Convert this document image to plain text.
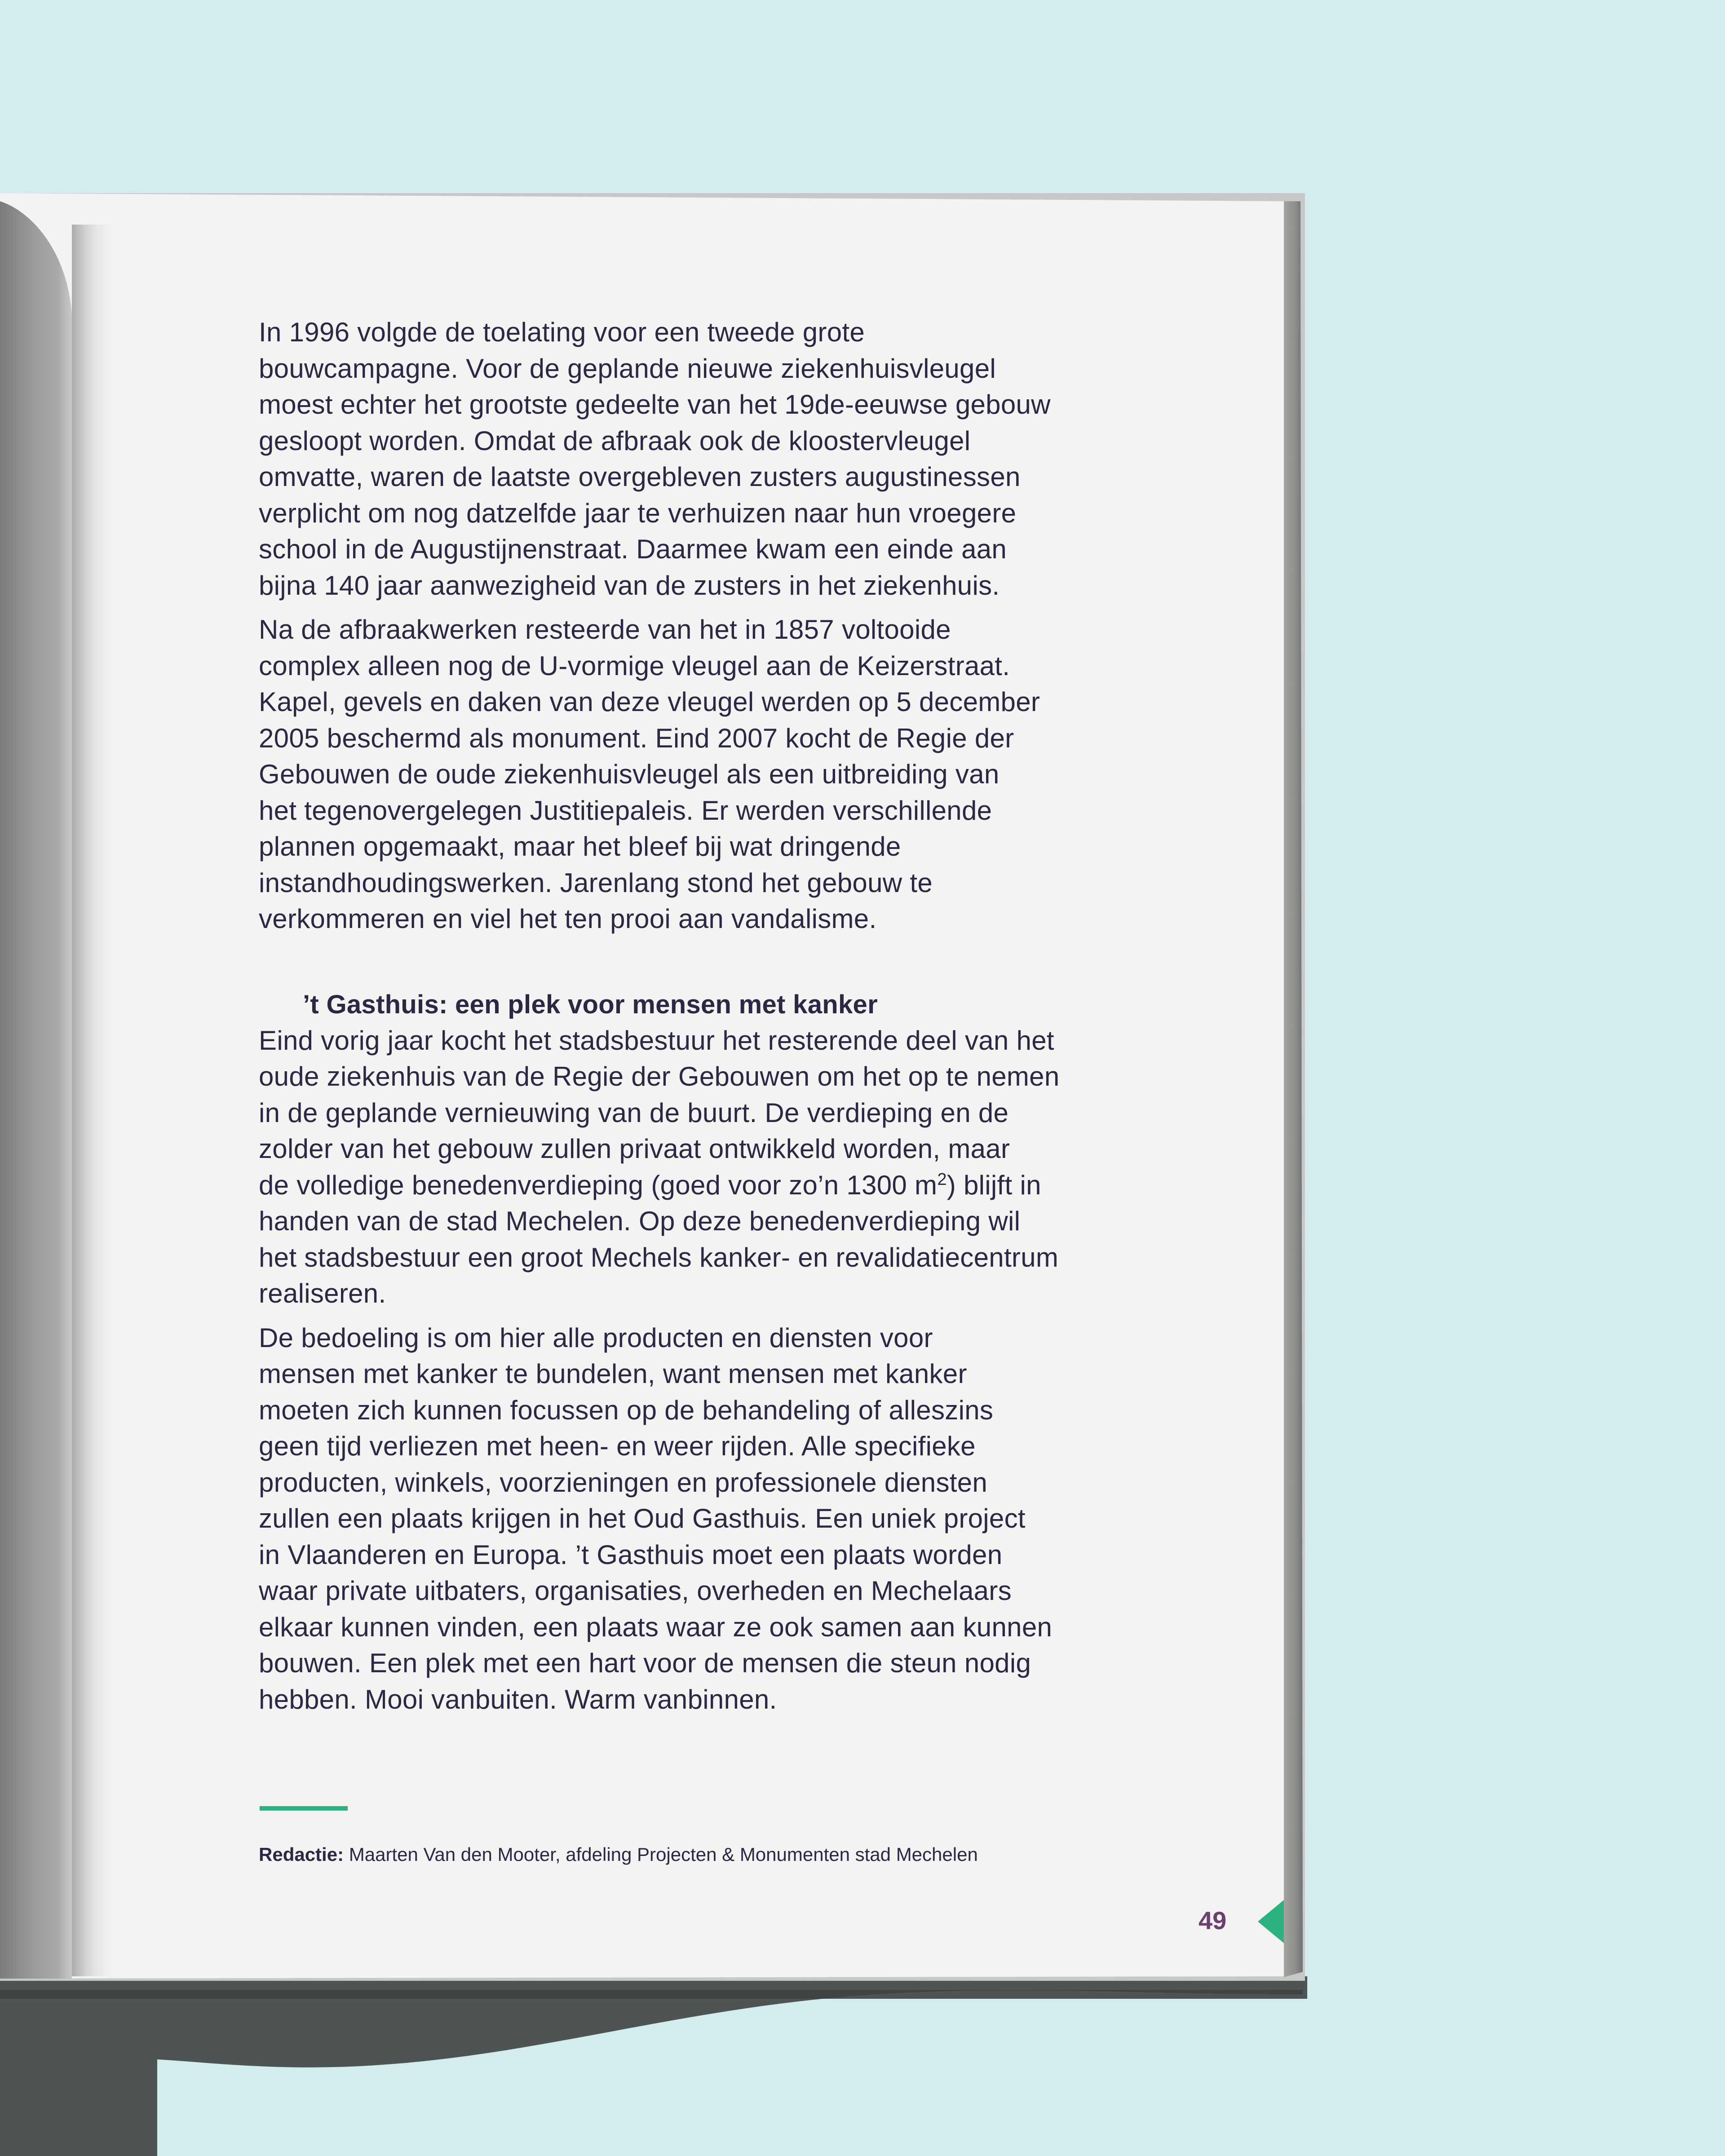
In 1996 volgde de toelating voor een tweede grote
bouwcampagne. Voor de geplande nieuwe ziekenhuisvleugel
moest echter het grootste gedeelte van het 19de-eeuwse gebouw
gesloopt worden. Omdat de afbraak ook de kloostervleugel
omvatte, waren de laatste overgebleven zusters augustinessen
verplicht om nog datzelfde jaar te verhuizen naar hun vroegere
school in de Augustijnenstraat. Daarmee kwam een einde aan
bijna 140 jaar aanwezigheid van de zusters in het ziekenhuis.

Na de afbraakwerken resteerde van het in 1857 voltooide
complex alleen nog de U-vormige vleugel aan de Keizerstraat.
Kapel, gevels en daken van deze vleugel werden op 5 december
2005 beschermd als monument. Eind 2007 kocht de Regie der
Gebouwen de oude ziekenhuisvleugel als een uitbreiding van
het tegenovergelegen Justitiepaleis. Er werden verschillende
plannen opgemaakt, maar het bleef bij wat dringende
instandhoudingswerken. Jarenlang stond het gebouw te
verkommeren en viel het ten prooi aan vandalisme.

’t Gasthuis: een plek voor mensen met kanker

Eind vorig jaar kocht het stadsbestuur het resterende deel van het
oude ziekenhuis van de Regie der Gebouwen om het op te nemen
in de geplande vernieuwing van de buurt. De verdieping en de
zolder van het gebouw zullen privaat ontwikkeld worden, maar
de volledige benedenverdieping (goed voor zo’n 1300 $m^2$) blijft in
handen van de stad Mechelen. Op deze benedenverdieping wil
het stadsbestuur een groot Mechels kanker- en revalidatiecentrum
realiseren.

De bedoeling is om hier alle producten en diensten voor
mensen met kanker te bundelen, want mensen met kanker
moeten zich kunnen focussen op de behandeling of alleszins
geen tijd verliezen met heen- en weer rijden. Alle specifieke
producten, winkels, voorzieningen en professionele diensten
zullen een plaats krijgen in het Oud Gasthuis. Een uniek project
in Vlaanderen en Europa. ’t Gasthuis moet een plaats worden
waar private uitbaters, organisaties, overheden en Mechelaars
elkaar kunnen vinden, een plaats waar ze ook samen aan kunnen
bouwen. Een plek met een hart voor de mensen die steun nodig
hebben. Mooi vanbuiten. Warm vanbinnen.

Redactie: Maarten Van den Mooter, afdeling Projecten & Monumenten stad Mechelen
49
